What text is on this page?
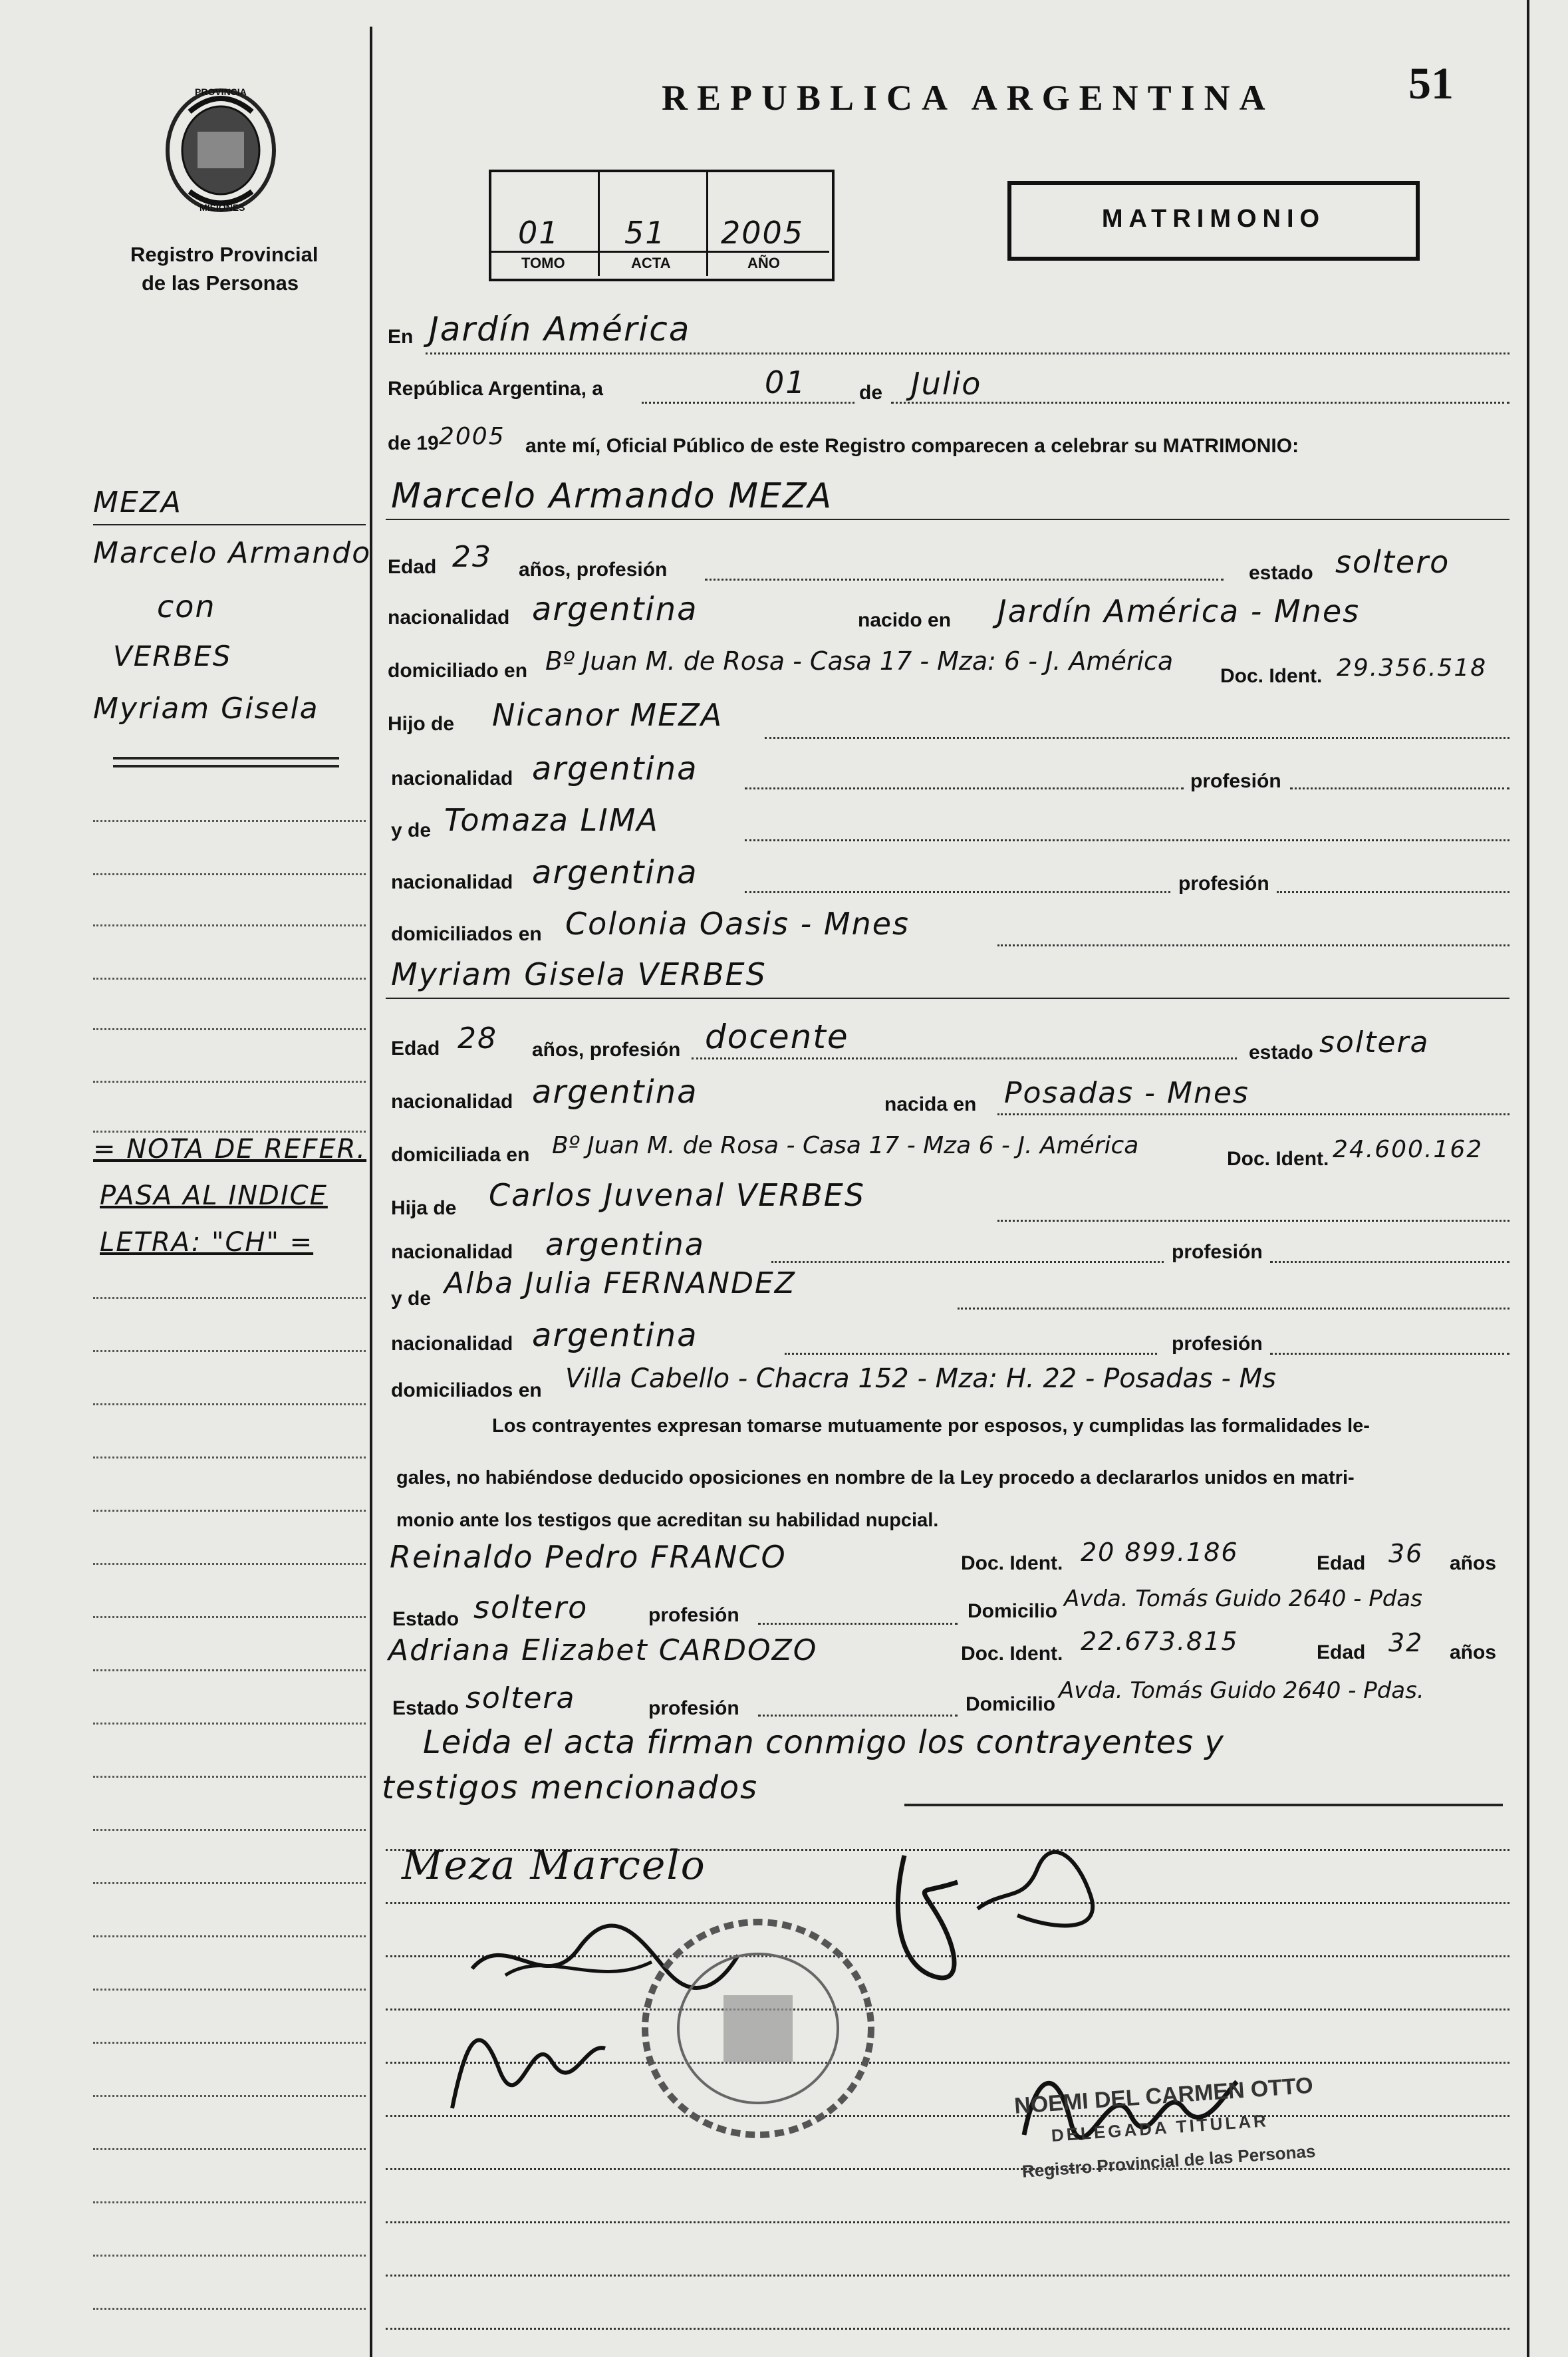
PROVINCIA
MISIONES
Registro Provincial
de las Personas
REPUBLICA ARGENTINA	51
01 51 2005
TOMO	ACTA	AÑO
MATRIMONIO
MEZA
Marcelo Armando
con
VERBES
Myriam Gisela
= NOTA DE REFER.
PASA AL INDICE
LETRA: "CH" =
En Jardín América
República Argentina, a	01	de Julio
de 19 2005 ante mí, Oficial Público de este Registro comparecen a celebrar su MATRIMONIO:
Marcelo Armando MEZA
Edad 23 años, profesión	estado soltero
nacionalidad argentina	nacido en Jardín América - Mnes
domiciliado en Bº Juan M. de Rosa - Casa 17 - Mza: 6 - J. América
Doc. Ident. 29.356.518
Hijo de Nicanor MEZA
nacionalidad argentina	profesión
y de Tomaza LIMA
nacionalidad argentina	profesión
domiciliados en Colonia Oasis - Mnes
Myriam Gisela VERBES
Edad 28 años, profesión docente	estado soltera
nacionalidad argentina	nacida en Posadas - Mnes
domiciliada en Bº Juan M. de Rosa - Casa 17 - Mza 6 - J. América	Doc. Ident. 24.600.162
Hija de Carlos Juvenal VERBES
nacionalidad argentina	profesión
y de Alba Julia FERNANDEZ
nacionalidad argentina	profesión
domiciliados en Villa Cabello - Chacra 152 - Mza: H. 22 - Posadas - Ms
Los contrayentes expresan tomarse mutuamente por esposos, y cumplidas las formalidades le-
gales, no habiéndose deducido oposiciones en nombre de la Ley procedo a declararlos unidos en matri-
monio ante los testigos que acreditan su habilidad nupcial.
Reinaldo Pedro FRANCO	Doc. Ident. 20 899.186	Edad 36 años
Estado soltero	profesión	Domicilio Avda. Tomás Guido 2640 - Pdas
Adriana Elizabet CARDOZO	Doc. Ident. 22.673.815	Edad 32 años
Estado soltera	profesión	Domicilio
Avda. Tomás Guido 2640 - Pdas.
Leida el acta firman conmigo los contrayentes y
testigos mencionados
Meza Marcelo
NOEMI DEL CARMEN OTTO
DELEGADA TITULAR
Registro Provincial de las Personas
